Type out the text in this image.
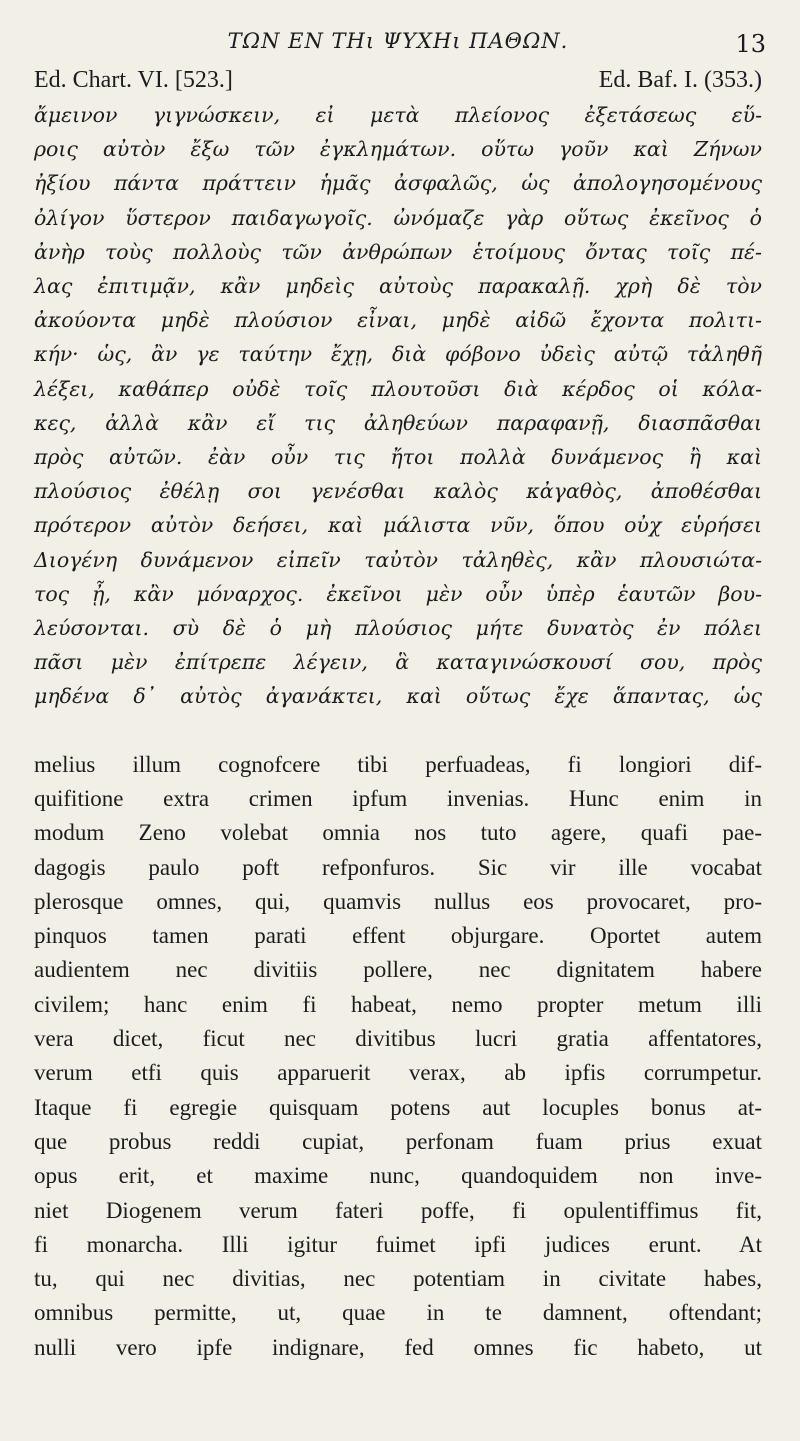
ΤΩΝ ΕΝ ΤΗι ΨΥΧΗι ΠΑΘΩΝ.	13
Ed. Chart. VI. [523.]	Ed. Baf. I. (353.)
ἄμεινον γιγνώσκειν, εἰ μετὰ πλείονος ἐξετάσεως εὕ-
ροις αὐτὸν ἔξω τῶν ἐγκλημάτων. οὕτω γοῦν καὶ Ζήνων
ἠξίου πάντα πράττειν ἡμᾶς ἀσφαλῶς, ὡς ἀπολογησομένους
ὀλίγον ὕστερον παιδαγωγοῖς. ὠνόμαζε γὰρ οὕτως ἐκεῖνος ὁ
ἀνὴρ τοὺς πολλοὺς τῶν ἀνθρώπων ἑτοίμους ὄντας τοῖς πέ-
λας ἐπιτιμᾷν, κἂν μηδεὶς αὐτοὺς παρακαλῇ. χρὴ δὲ τὸν
ἀκούοντα μηδὲ πλούσιον εἶναι, μηδὲ αἰδῶ ἔχοντα πολιτι-
κήν· ὡς, ἂν γε ταύτην ἔχῃ, διὰ φόβονο ὐδεὶς αὐτῷ τἀληθῆ
λέξει, καθάπερ οὐδὲ τοῖς πλουτοῦσι διὰ κέρδος οἱ κόλα-
κες, ἀλλὰ κἂν εἴ τις ἀληθεύων παραφανῇ, διασπᾶσθαι
πρὸς αὐτῶν. ἐὰν οὖν τις ἤτοι πολλὰ δυνάμενος ἢ καὶ
πλούσιος ἐθέλῃ σοι γενέσθαι καλὸς κἀγαθὸς, ἀποθέσθαι
πρότερον αὐτὸν δεήσει, καὶ μάλιστα νῦν, ὅπου οὐχ εὑρήσει
Διογένη δυνάμενον εἰπεῖν ταὐτὸν τἀληθὲς, κἂν πλουσιώτα-
τος ᾖ, κἂν μόναρχος. ἐκεῖνοι μὲν οὖν ὑπὲρ ἑαυτῶν βου-
λεύσονται. σὺ δὲ ὁ μὴ πλούσιος μήτε δυνατὸς ἐν πόλει
πᾶσι μὲν ἐπίτρεπε λέγειν, ἃ καταγινώσκουσί σου, πρὸς
μηδένα δ᾽ αὐτὸς ἀγανάκτει, καὶ οὕτως ἔχε ἅπαντας, ὡς
melius illum cognofcere tibi perfuadeas, fi longiori dif-
quifitione extra crimen ipfum invenias. Hunc enim in
modum Zeno volebat omnia nos tuto agere, quafi pae-
dagogis paulo poft refponfuros. Sic vir ille vocabat
plerosque omnes, qui, quamvis nullus eos provocaret, pro-
pinquos tamen parati effent objurgare. Oportet autem
audientem nec divitiis pollere, nec dignitatem habere
civilem; hanc enim fi habeat, nemo propter metum illi
vera dicet, ficut nec divitibus lucri gratia affentatores,
verum etfi quis apparuerit verax, ab ipfis corrumpetur.
Itaque fi egregie quisquam potens aut locuples bonus at-
que probus reddi cupiat, perfonam fuam prius exuat
opus erit, et maxime nunc, quandoquidem non inve-
niet Diogenem verum fateri poffe, fi opulentiffimus fit,
fi monarcha. Illi igitur fuimet ipfi judices erunt. At
tu, qui nec divitias, nec potentiam in civitate habes,
omnibus permitte, ut, quae in te damnent, oftendant;
nulli vero ipfe indignare, fed omnes fic habeto, ut
